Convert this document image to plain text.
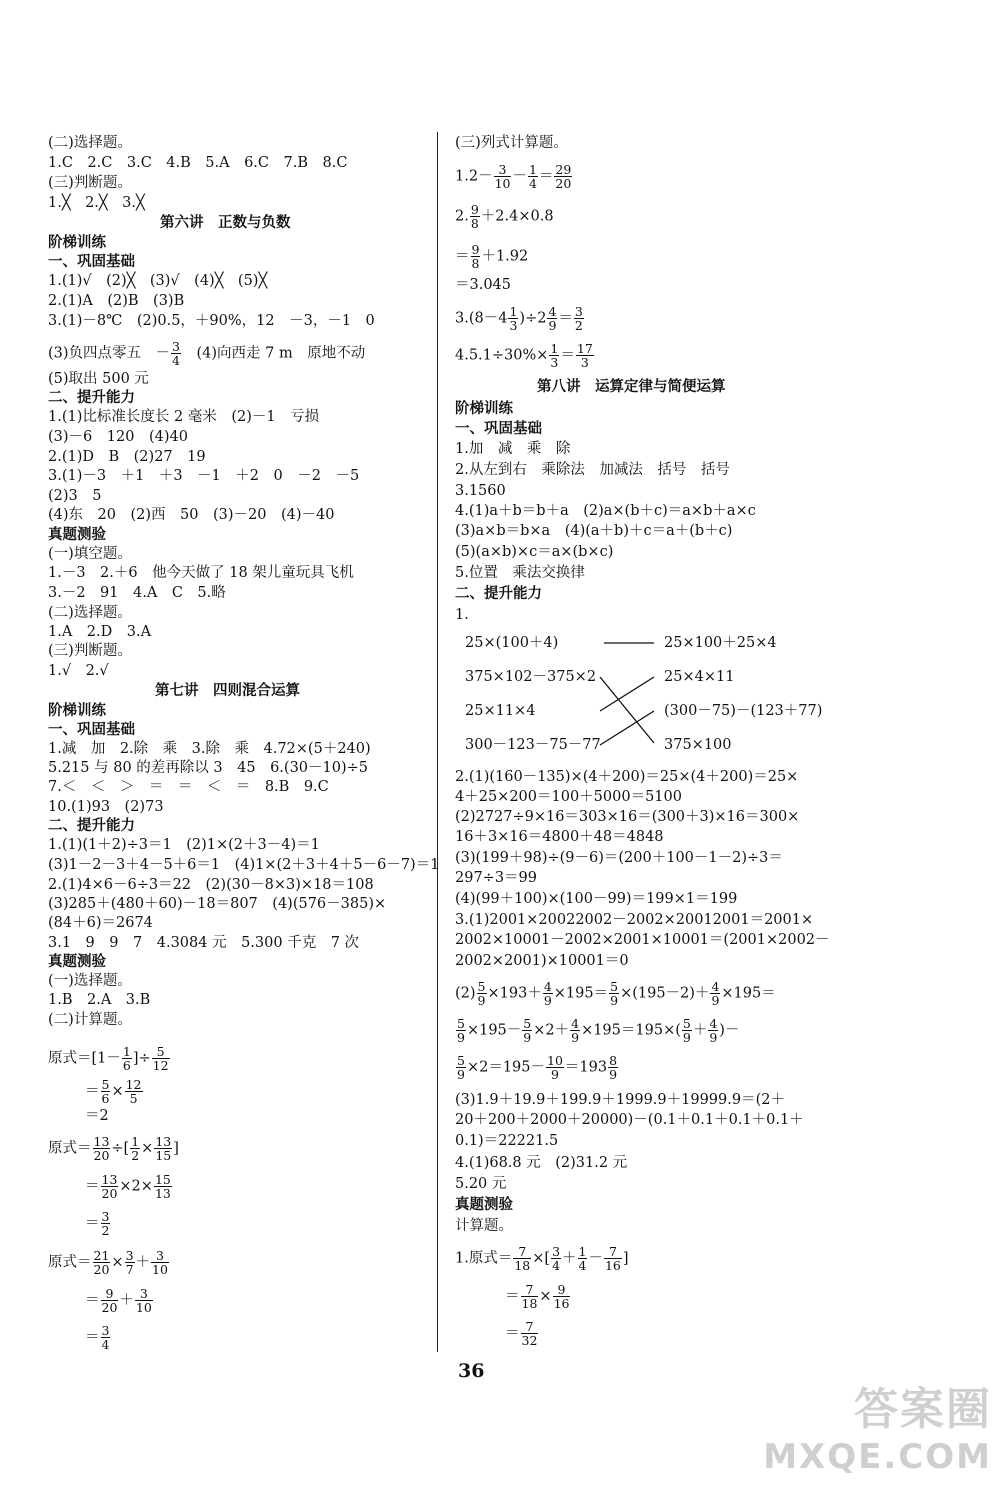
(二)选择题。
1.C　2.C　3.C　4.B　5.A　6.C　7.B　8.C
(三)判断题。
1.╳　2.╳　3.╳
第六讲　正数与负数
阶梯训练
一、巩固基础
1.(1)√　(2)╳　(3)√　(4)╳　(5)╳
2.(1)A　(2)B　(3)B
3.(1)－8℃　(2)0.5，＋90%，12　－3，－1　0
(3)负四点零五　－ $\frac{3}{4}$ 　(4)向西走 7 m　原地不动
(5)取出 500 元
二、提升能力
1.(1)比标准长度长 2 毫米　(2)－1　亏损
(3)－6　120　(4)40
2.(1)D　B　(2)27　19
3.(1)－3　＋1　＋3　－1　＋2　0　－2　－5
(2)3　5
(4)东　20　(2)西　50　(3)－20　(4)－40
真题测验
(一)填空题。
1.－3　2.＋6　他今天做了 18 架儿童玩具飞机
3.－2　91　4.A　C　5.略
(二)选择题。
1.A　2.D　3.A
(三)判断题。
1.√　2.√
第七讲　四则混合运算
阶梯训练
一、巩固基础
1.减　加　2.除　乘　3.除　乘　4.72×(5＋240)
5.215 与 80 的差再除以 3　45　6.(30－10)÷5
7.＜　＜　＞　＝　＝　＜　＝　8.B　9.C
10.(1)93　(2)73
二、提升能力
1.(1)(1＋2)÷3＝1　(2)1×(2＋3－4)＝1
(3)1－2－3＋4－5＋6＝1　(4)1×(2＋3＋4＋5－6－7)＝1
2.(1)4×6－6÷3＝22　(2)(30－8×3)×18＝108
(3)285＋(480＋60)－18＝807　(4)(576－385)×
(84＋6)＝2674
3.1　9　9　7　4.3084 元　5.300 千克　7 次
真题测验
(一)选择题。
1.B　2.A　3.B
(二)计算题。
原式$=[1- \frac{1}{6}$ ]÷ $\frac{5}{12}$
＝ $\frac{5}{6} \times \frac{12}{5}$
＝2
原式＝ $\frac{13}{20}$ ÷[ $\frac{1}{2} \times \frac{13}{15}$ ]
＝ $\frac{13}{20} \times 2\times \frac{15}{13}$
＝ $\frac{3}{2}$
原式＝ $\frac{21}{20} \times \frac{3}{7} + \frac{3}{10}$
＝ $\frac{9}{20} + \frac{3}{10}$
＝ $\frac{3}{4}$
(三)列式计算题。
$1.2- \frac{3}{10} - \frac{1}{4} = \frac{29}{20}$
2. $\frac{9}{8} +2.4\times 0.8$
＝ $\frac{9}{8} +1.92$
＝3.045
$3.(8-4 \frac{1}{3} )\div 2 \frac{4}{9} = \frac{3}{2}$
$4.5.1\div 30\%\times \frac{1}{3} = \frac{17}{3}$
第八讲　运算定律与简便运算
阶梯训练
一、巩固基础
1.加　减　乘　除
2.从左到右　乘除法　加减法　括号　括号
3.1560
4.(1)a＋b＝b＋a　(2)a×(b＋c)＝a×b＋a×c
(3)a×b＝b×a　(4)(a＋b)＋c＝a＋(b＋c)
(5)(a×b)×c＝a×(b×c)
5.位置　乘法交换律
二、提升能力
1.
25×(100＋4)
375×102－375×2
25×11×4
300－123－75－77
25×100＋25×4
25×4×11
(300－75)－(123＋77)
375×100
2.(1)(160－135)×(4＋200)＝25×(4＋200)＝25×
4＋25×200＝100＋5000＝5100
(2)2727÷9×16＝303×16＝(300＋3)×16＝300×
16＋3×16＝4800＋48＝4848
(3)(199＋98)÷(9－6)＝(200＋100－1－2)÷3＝
297÷3＝99
(4)(99＋100)×(100－99)＝199×1＝199
3.(1)2001×20022002－2002×20012001＝2001×
2002×10001－2002×2001×10001＝(2001×2002－
2002×2001)×10001＝0
$(2) \frac{5}{9} \times 193+ \frac{4}{9} \times 195= \frac{5}{9} \times(195-2)+ \frac{4}{9} \times 195=$
$\frac{5}{9} \times 195- \frac{5}{9} \times 2+ \frac{4}{9} \times 195=195\times( \frac{5}{9} + \frac{4}{9}$ )－
$\frac{5}{9} \times 2=195- \frac{10}{9} =193 \frac{8}{9}$
(3)1.9＋19.9＋199.9＋1999.9＋19999.9＝(2＋
20＋200＋2000＋20000)－(0.1＋0.1＋0.1＋0.1＋
0.1)＝22221.5
4.(1)68.8 元　(2)31.2 元
5.20 元
真题测验
计算题。
1.原式＝ $\frac{7}{18}$ ×[ $\frac{3}{4} + \frac{1}{4} - \frac{7}{16}$ ]
＝ $\frac{7}{18} \times \frac{9}{16}$
＝ $\frac{7}{32}$
36
答案圈
MXQE.COM
